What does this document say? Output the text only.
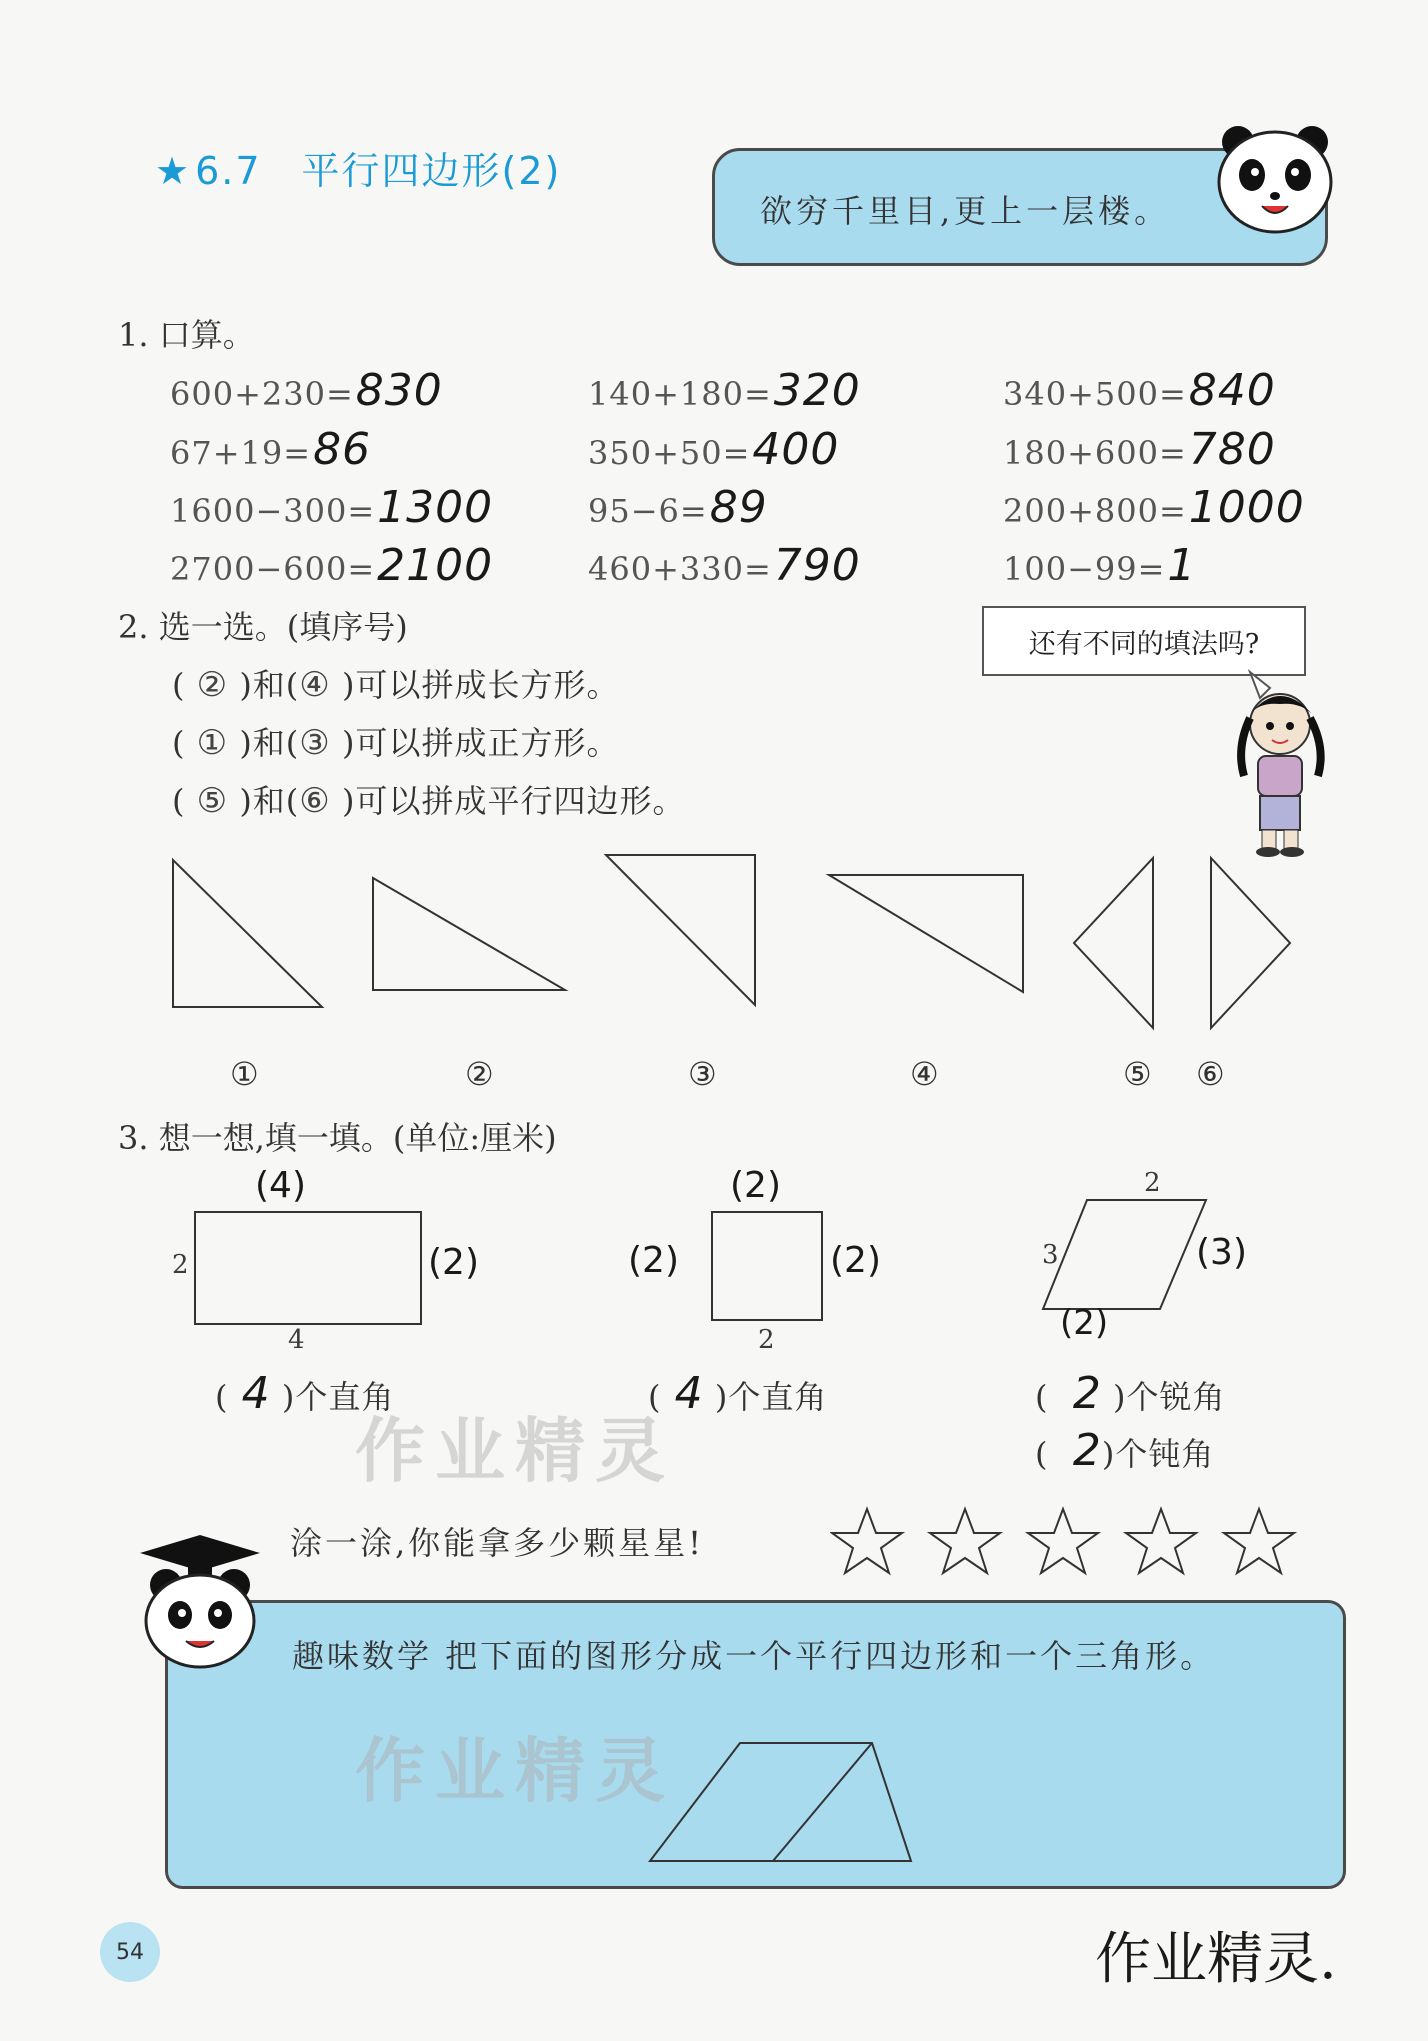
★ 6.7 平行四边形(2)
欲穷千里目,更上一层楼。
1. 口算。
600+230=830	140+180=320	340+500=840
67+19=86	350+50=400	180+600=780
1600−300=1300	95−6=89	200+800=1000
2700−600=2100	460+330=790	100−99=1
2. 选一选。(填序号)
( ② )和(④ )可以拼成长方形。
( ① )和(③ )可以拼成正方形。
( ⑤ )和(⑥ )可以拼成平行四边形。
还有不同的填法吗?
①	②	③	④	⑤ ⑥
3. 想一想,填一填。(单位:厘米)
(4)
2	(2)
4
( 4 )个直角
(2)
(2)	(2)
2
( 4 )个直角
2
3	(3)
(2)
( 2 )个锐角
( 2)个钝角
作业精灵
涂一涂,你能拿多少颗星星!
趣味数学 把下面的图形分成一个平行四边形和一个三角形。
作业精灵
54	作业精灵.
